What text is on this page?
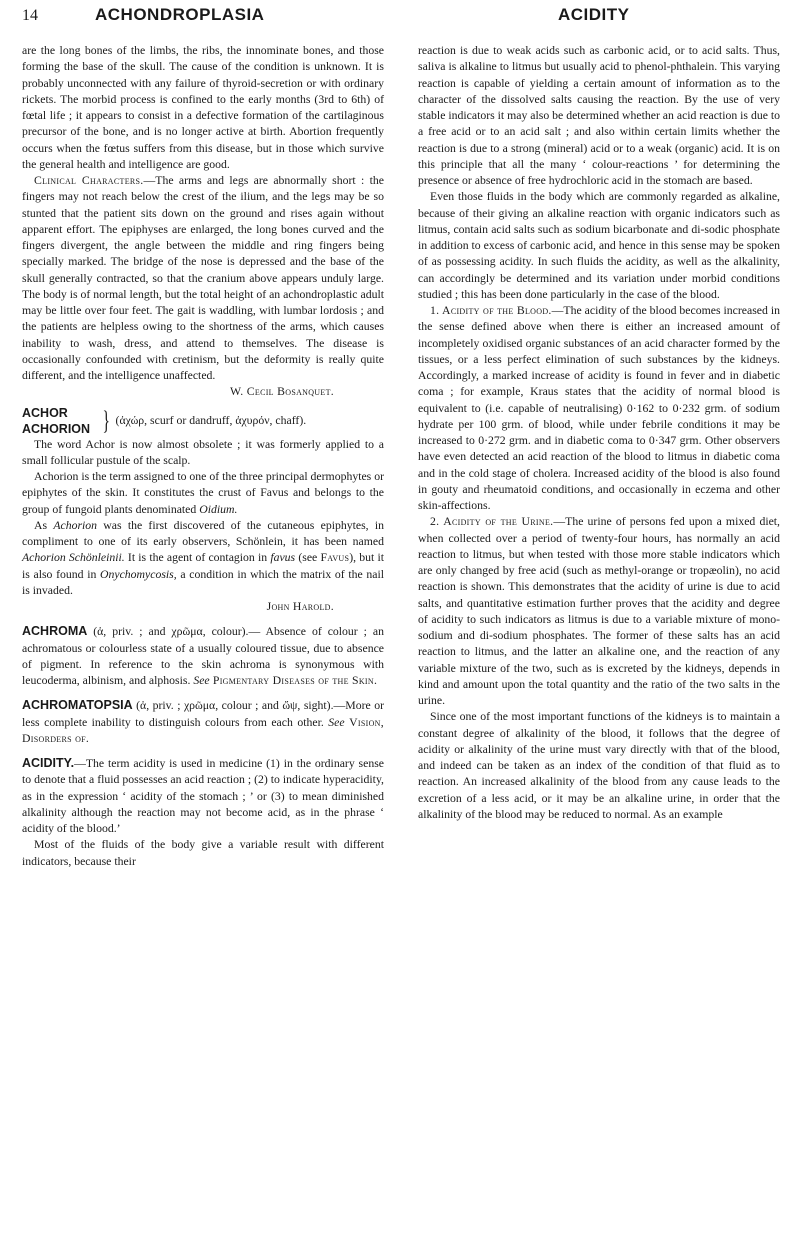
14	ACHONDROPLASIA	ACIDITY

are the long bones of the limbs, the ribs, the innominate bones, and those forming the base of the skull. The cause of the condition is unknown. It is probably unconnected with any failure of thyroid-secretion or with ordinary rickets. The morbid process is confined to the early months (3rd to 6th) of fœtal life ; it appears to consist in a defective formation of the cartilaginous precursor of the bone, and is no longer active at birth. Abortion frequently occurs when the fœtus suffers from this disease, but in those which survive the general health and intelligence are good.

Clinical Characters.—The arms and legs are abnormally short : the fingers may not reach below the crest of the ilium, and the legs may be so stunted that the patient sits down on the ground and rises again without apparent effort. The epiphyses are enlarged, the long bones curved and the fingers divergent, the angle between the middle and ring fingers being specially marked. The bridge of the nose is depressed and the base of the skull generally contracted, so that the cranium above appears unduly large. The body is of normal length, but the total height of an achondroplastic adult may be little over four feet. The gait is waddling, with lumbar lordosis ; and the patients are helpless owing to the shortness of the arms, which causes inability to wash, dress, and attend to themselves. The disease is occasionally confounded with cretinism, but the deformity is really quite different, and the intelligence unaffected.

W. Cecil Bosanquet.

ACHOR
ACHORION } (ἀχώρ, scurf or dandruff, ἀχυρόν, chaff).

The word Achor is now almost obsolete ; it was formerly applied to a small follicular pustule of the scalp.

Achorion is the term assigned to one of the three principal dermophytes or epiphytes of the skin. It constitutes the crust of Favus and belongs to the group of fungoid plants denominated Oidium.

As Achorion was the first discovered of the cutaneous epiphytes, in compliment to one of its early observers, Schönlein, it has been named Achorion Schönleinii. It is the agent of contagion in favus (see Favus), but it is also found in Onychomycosis, a condition in which the matrix of the nail is invaded.

John Harold.

ACHROMA (ἀ, priv. ; and χρῶμα, colour).— Absence of colour ; an achromatous or colourless state of a usually coloured tissue, due to absence of pigment. In reference to the skin achroma is synonymous with leucoderma, albinism, and alphosis. See Pigmentary Diseases of the Skin.

ACHROMATOPSIA (ἀ, priv. ; χρῶμα, colour ; and ὤψ, sight).—More or less complete inability to distinguish colours from each other. See Vision, Disorders of.

ACIDITY.—The term acidity is used in medicine (1) in the ordinary sense to denote that a fluid possesses an acid reaction ; (2) to indicate hyperacidity, as in the expression ‘ acidity of the stomach ; ’ or (3) to mean diminished alkalinity although the reaction may not become acid, as in the phrase ‘ acidity of the blood.’

Most of the fluids of the body give a variable result with different indicators, because their

reaction is due to weak acids such as carbonic acid, or to acid salts. Thus, saliva is alkaline to litmus but usually acid to phenol-phthalein. This varying reaction is capable of yielding a certain amount of information as to the character of the dissolved salts causing the reaction. By the use of very stable indicators it may also be determined whether an acid reaction is due to a free acid or to an acid salt ; and also within certain limits whether the reaction is due to a strong (mineral) acid or to a weak (organic) acid. It is on this principle that all the many ‘ colour-reactions ’ for determining the presence or absence of free hydrochloric acid in the stomach are based.

Even those fluids in the body which are commonly regarded as alkaline, because of their giving an alkaline reaction with organic indicators such as litmus, contain acid salts such as sodium bicarbonate and di-sodic phosphate in addition to excess of carbonic acid, and hence in this sense may be spoken of as possessing acidity. In such fluids the acidity, as well as the alkalinity, can accordingly be determined and its variation under morbid conditions studied ; this has been done particularly in the case of the blood.

1. Acidity of the Blood.—The acidity of the blood becomes increased in the sense defined above when there is either an increased amount of incompletely oxidised organic substances of an acid character formed by the tissues, or a less perfect elimination of such substances by the kidneys. Accordingly, a marked increase of acidity is found in fever and in diabetic coma ; for example, Kraus states that the acidity of normal blood is equivalent to (i.e. capable of neutralising) 0·162 to 0·232 grm. of sodium hydrate per 100 grm. of blood, while under febrile conditions it may be increased to 0·272 grm. and in diabetic coma to 0·347 grm. Other observers have even detected an acid reaction of the blood to litmus in diabetic coma and in the cold stage of cholera. Increased acidity of the blood is also found in gouty and rheumatoid conditions, and occasionally in eczema and other skin-affections.

2. Acidity of the Urine.—The urine of persons fed upon a mixed diet, when collected over a period of twenty-four hours, has normally an acid reaction to litmus, but when tested with those more stable indicators which are only changed by free acid (such as methyl-orange or tropæolin), no acid reaction is shown. This demonstrates that the acidity of urine is due to acid salts, and quantitative estimation further proves that the acidity and degree of acidity to such indicators as litmus is due to a variable mixture of mono-sodium and di-sodium phosphates. The former of these salts has an acid reaction to litmus, and the latter an alkaline one, and the reaction of any variable mixture of the two, such as is excreted by the kidneys, depends in kind and amount upon the total quantity and the ratio of the two salts in the urine.

Since one of the most important functions of the kidneys is to maintain a constant degree of alkalinity of the blood, it follows that the degree of acidity or alkalinity of the urine must vary directly with that of the blood, and indeed can be taken as an index of the condition of that fluid as to reaction. An increased alkalinity of the blood from any cause leads to the excretion of a less acid, or it may be an alkaline urine, in order that the alkalinity of the blood may be reduced to normal. As an example
